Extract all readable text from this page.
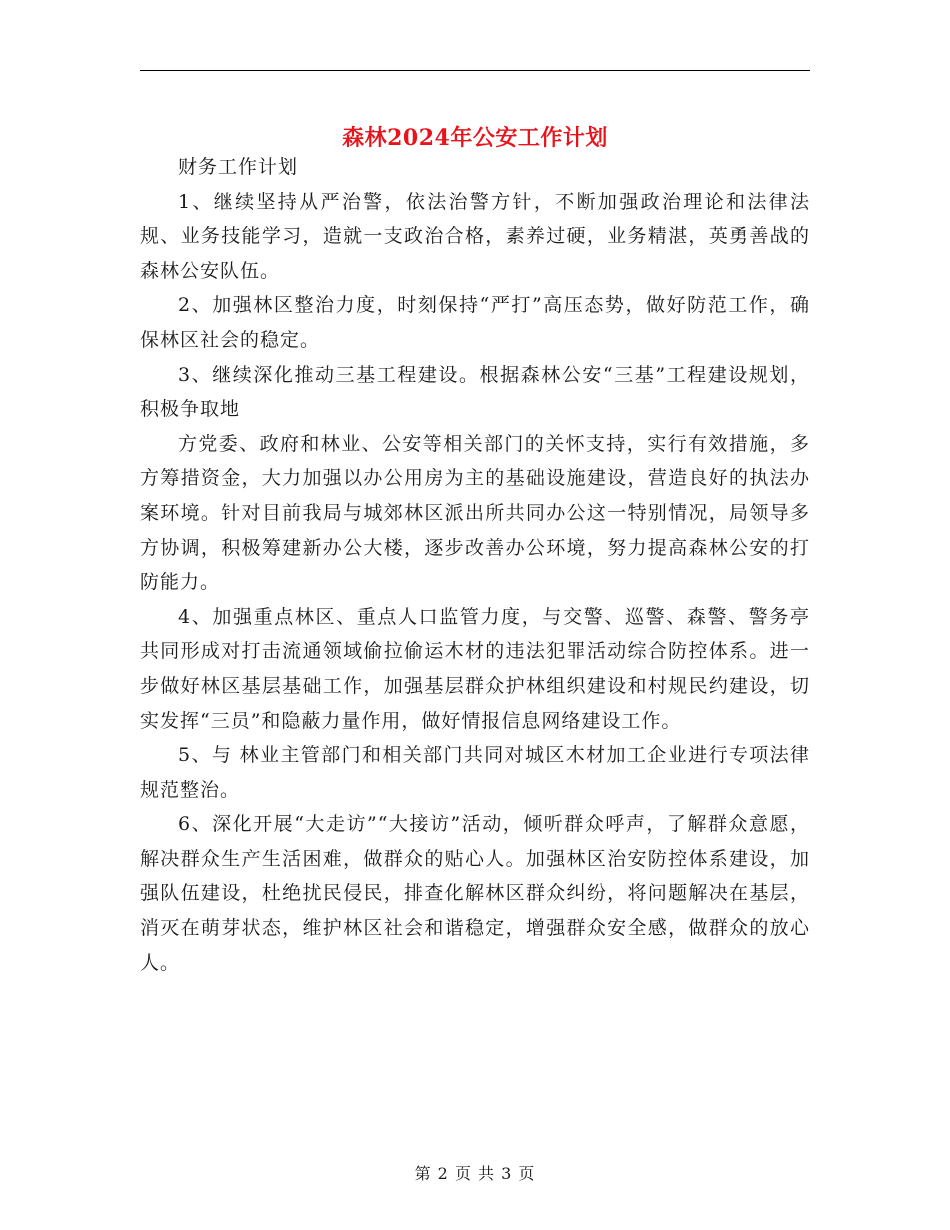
森林2024年公安工作计划

财务工作计划

1、继续坚持从严治警，依法治警方针，不断加强政治理论和法律法规、业务技能学习，造就一支政治合格，素养过硬，业务精湛，英勇善战的森林公安队伍。

2、加强林区整治力度，时刻保持“严打”高压态势，做好防范工作，确保林区社会的稳定。

3、继续深化推动三基工程建设。根据森林公安“三基”工程建设规划，积极争取地

方党委、政府和林业、公安等相关部门的关怀支持，实行有效措施，多方筹措资金，大力加强以办公用房为主的基础设施建设，营造良好的执法办案环境。针对目前我局与城郊林区派出所共同办公这一特别情况，局领导多方协调，积极筹建新办公大楼，逐步改善办公环境，努力提高森林公安的打防能力。

4、加强重点林区、重点人口监管力度，与交警、巡警、森警、警务亭共同形成对打击流通领域偷拉偷运木材的违法犯罪活动综合防控体系。进一步做好林区基层基础工作，加强基层群众护林组织建设和村规民约建设，切实发挥“三员”和隐蔽力量作用，做好情报信息网络建设工作。

5、与 林业主管部门和相关部门共同对城区木材加工企业进行专项法律规范整治。

6、深化开展“大走访”“大接访”活动，倾听群众呼声，了解群众意愿，解决群众生产生活困难，做群众的贴心人。加强林区治安防控体系建设，加强队伍建设，杜绝扰民侵民，排查化解林区群众纠纷，将问题解决在基层，消灭在萌芽状态，维护林区社会和谐稳定，增强群众安全感，做群众的放心人。

第 2 页 共 3 页
